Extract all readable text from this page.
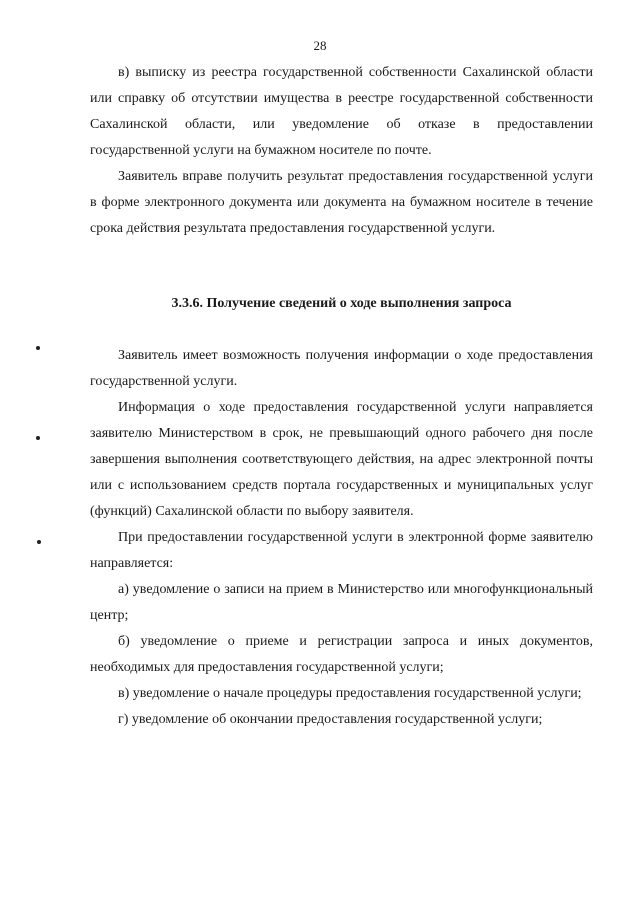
28

в) выписку из реестра государственной собственности Сахалинской области или справку об отсутствии имущества в реестре государственной собственности Сахалинской области, или уведомление об отказе в предоставлении государственной услуги на бумажном носителе по почте.

Заявитель вправе получить результат предоставления государственной услуги в форме электронного документа или документа на бумажном носителе в течение срока действия результата предоставления государственной услуги.

3.3.6. Получение сведений о ходе выполнения запроса

Заявитель имеет возможность получения информации о ходе предоставления государственной услуги.

Информация о ходе предоставления государственной услуги направляется заявителю Министерством в срок, не превышающий одного рабочего дня после завершения выполнения соответствующего действия, на адрес электронной почты или с использованием средств портала государственных и муниципальных услуг (функций) Сахалинской области по выбору заявителя.

При предоставлении государственной услуги в электронной форме заявителю направляется:

а) уведомление о записи на прием в Министерство или многофункциональный центр;

б) уведомление о приеме и регистрации запроса и иных документов, необходимых для предоставления государственной услуги;

в) уведомление о начале процедуры предоставления государственной услуги;

г) уведомление об окончании предоставления государственной услуги;
